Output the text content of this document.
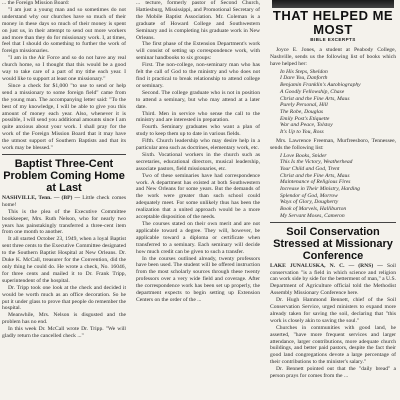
... the Foreign Mission Board:

"I am just a young man and so sometimes do not understand why our churches have so much of their money in these days so much of their money is spent on just us, in their attempt to send out more workers and more than they do for missionary work. I, at times, feel that I should do something to further the work of foreign missionaries.

"I am in the Air Force and so do not have any real church home, so I thought that this would be a good way to take care of a part of my tithe each year. I would like to support at least one missionary."

Since a check for $1,000 "to use to send or help send a missionary to some foreign field" came from the young man. The accompanying letter said: "To the best of my knowledge, I will be able to give you this amount of money each year. Also, whenever it is possible, I will send you additional amounts since I am quite anxious about your work. I shall pray for the work of the Foreign Mission Board that it may have the utmost support of Southern Baptists and that its work may be blessed."

Baptist Three-Cent Problem Coming Home at Last

NASHVILLE, Tenn. — (BP) — Little check comes home!

This is the plea of the Executive Committee bookkeeper, Mrs. Ruth Nelson, who for nearly two years has painstakingly transferred a three-cent item from one month to another.

It all started October 23, 1949, when a loyal Baptist sent three cents to the Executive Committee designated to the Southern Baptist Hospital at New Orleans. Dr. Duke K. McCall, treasurer for the Convention, did the only thing he could do. He wrote a check, No. 16046, for three cents and mailed it to Dr. Frank Tripp, superintendent of the hospital.

Dr. Tripp took one look at the check and decided it would be worth much as an office decoration. So he put it under glass to prove that people do remember the hospital.

Meanwhile, Mrs. Nelson is disgusted and the problem has no end.

In this week Dr. McCall wrote Dr. Tripp. "We will gladly return the cancelled check ..."

... tecture, formerly pastor of Second Church, Hattiesburg, Mississippi, and Promotional Secretary of the Mobile Baptist Association. Mr. Coleman is a graduate of Howard College and Southwestern Seminary and is completing his graduate work in New Orleans.

The first phase of the Extension Department's work will consist of setting up correspondence work, with seminar handbooks to six groups:

First. The non-college, non-seminary man who has felt the call of God to the ministry and who does not find it practical to break relationship to attend college or seminary.

Second. The college graduate who is not in position to attend a seminary, but who may attend at a later date.

Third. Men in service who sense the call to the ministry and are interested in preparation.

Fourth. Seminary graduates who want a plan of study to keep them up to date in various fields.

Fifth. Church leadership who may desire help in a particular area such as doctrines, elementary work, etc.

Sixth. Vocational workers in the church such as secretaries, educational directors, musical leadership, associate pastors, field missionaries, etc.

Two of these seminaries have had correspondence work. A department has existed at both Southwestern and New Orleans for some years. But the demands of the work were greater than such school could adequately meet. For some unlikely thus has been the realization that a united approach would be a more acceptable disposition of the needs.

The courses stated on their own merit and are not applicable toward a degree. They will, however, be applicable toward a diploma or certificate when transferred to a seminary. Each seminary will decide how much credit can be given to such a transfer.

In the courses outlined already, twenty professors have been used. The student will be offered instruction from the most scholarly sources through these twenty professors over a very wide field and coverage. After the correspondence work has been set up properly, the department expects to begin setting up Extension Centers on the order of the ...

THAT HELPED ME MOST
BIBLE EXCERPTS

Joyce E. Jones, a student at Peabody College, Nashville, sends us the following list of books which have helped her:

In His Steps, Sheldon
I Dare You, Danforth
Benjamin Franklin's Autobiography
A Goodly Fellowship, Chase
Christ and the Fine Arts, Maus
Purely Personal, Hill
The Robe, Douglas
Emily Post's Etiquette
War and Peace, Tolstoy
It's Up to You, Ross

Mrs. Lawrence Freeman, Murfreesboro, Tennessee, sends the following list:

I Love Books, Snider
This Is the Victory, Weatherhead
Your Child and God, Trent
Christ and the Fine Arts, Maus
Maintenance of Religious Fires
Increase in Their Ministry, Harding
Splendor of God, Morrow
Ways of Glory, Dougherty
Book of Marvels, Halliburton
My Servant Moses, Cameron
Soil Conservation Stressed at Missionary Conference

LAKE JUNALUSKA, N. C. — (RNS) — Soil conservation "is a field in which science and religion can work side by side for the betterment of man," a U.S. Department of Agriculture official told the Methodist Assembly Missionary Conference here.

Dr. Hugh Hammond Bennett, chief of the Soil Conservation Service, urged ministers to expand more already taken for saving the soil, declaring that "this work is closely akin to saving the soul."

Churches in communities with good land, he asserted, "have more frequent services and larger attendance, larger contributions, more adequate church buildings, and better paid pastors, despite the fact their good land congregations devote a large percentage of their contributions to the minister's salary."

Dr. Bennett pointed out that the "daily bread" a person prays for comes from the ...
